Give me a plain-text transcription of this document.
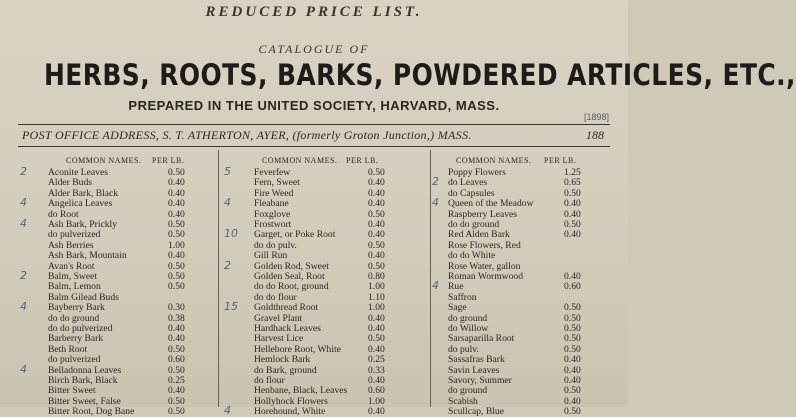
REDUCED PRICE LIST.
CATALOGUE OF
HERBS, ROOTS, BARKS, POWDERED ARTICLES, ETC.,
PREPARED IN THE UNITED SOCIETY, HARVARD, MASS.
[1898]
POST OFFICE ADDRESS, S. T. ATHERTON, AYER, (formerly Groton Junction,) MASS.	188
COMMON NAMES. PER LB.
2 Aconite Leaves	0.50
Alder Buds	0.40
Alder Bark, Black	0.40
4 Angelica Leaves	0.40
do Root	0.40
4 Ash Bark, Prickly	0.50
do pulverized	0.50
Ash Berries	1.00
Ash Bark, Mountain	0.40
Avan's Root	0.50
2 Balm, Sweet	0.50
Balm, Lemon	0.50
Balm Gilead Buds
4 Bayberry Bark	0.30
do do ground	0.38
do do pulverized	0.40
Barberry Bark	0.40
Beth Root	0.50
do pulverized	0.60
4 Belladonna Leaves	0.50
Birch Bark, Black	0.25
Bitter Sweet	0.40
Bitter Sweet, False	0.50
Bitter Root, Dog Bane	0.50
COMMON NAMES. PER LB.
5 Feverfew	0.50
Fern, Sweet	0.40
Fire Weed	0.40
4 Fleabane	0.40
Foxglove	0.50
Frostwort	0.40
10 Garget, or Poke Root	0.40
do do pulv.	0.50
Gill Run	0.40
2 Golden Rod, Sweet	0.50
Golden Seal, Root	0.80
do do Root, ground	1.00
do do flour	1.10
15 Goldthread Root	1.00
Gravel Plant	0.40
Hardhack Leaves	0.40
Harvest Lice	0.50
Hellebore Root, White	0.40
Hemlock Bark	0.25
do Bark, ground	0.33
do flour	0.40
Henbane, Black, Leaves 0.60
Hollyhock Flowers	1.00
4 Horehound, White	0.40
COMMON NAMES. PER LB.
Poppy Flowers	1.25
2 do Leaves	0.65
do Capsules	0.50
4 Queen of the Meadow	0.40
Raspberry Leaves	0.40
do do ground	0.50
Red Alden Bark	0.40
Rose Flowers, Red
do do White
Rose Water, gallon
Roman Wormwood	0.40
4 Rue	0.60
Saffron
Sage	0.50
do ground	0.50
do Willow	0.50
Sarsaparilla Root	0.50
do pulv.	0.50
Sassafras Bark	0.40
Savin Leaves	0.40
Savory, Summer	0.40
do ground	0.50
Scabish	0.40
Scullcap, Blue	0.50
